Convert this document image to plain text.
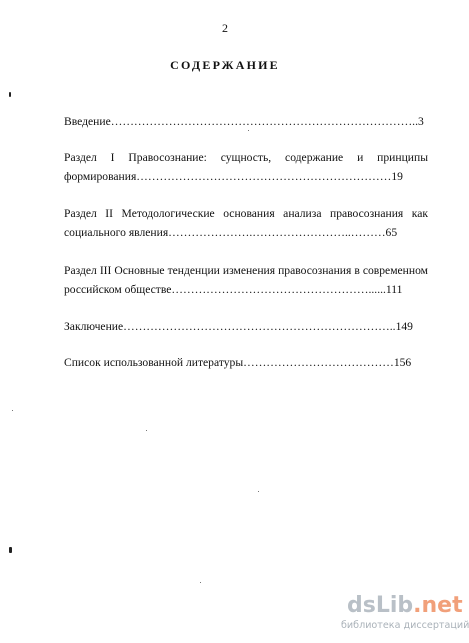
2
СОДЕРЖАНИЕ
Введение……………………………………………………………………..3
Раздел I Правосознание: сущность, содержание и принципы
формирования…………………………………………………………19
Раздел II Методологические основания анализа правосознания как
социального явления………………….……………………..………65
Раздел III Основные тенденции изменения правосознания в современном
российском обществе……………………………………………......111
Заключение……………………………………………………………..149
Список использованной литературы…………………………………156
dsLib.net
библиотека диссертаций
